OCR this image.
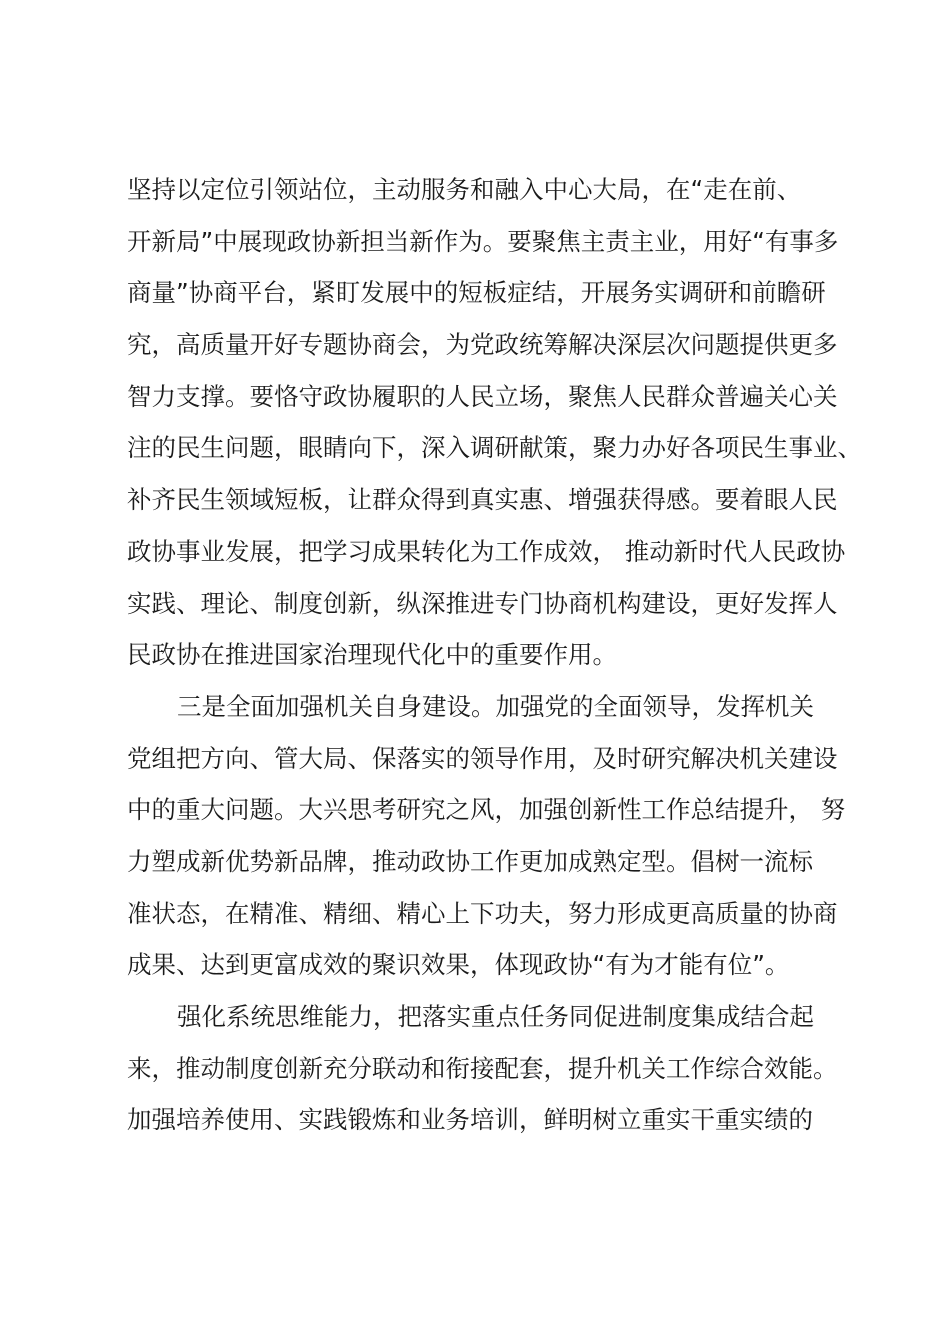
坚持以定位引领站位，主动服务和融入中心大局，在“走在前、
开新局”中展现政协新担当新作为。要聚焦主责主业，用好“有事多
商量”协商平台，紧盯发展中的短板症结，开展务实调研和前瞻研
究，高质量开好专题协商会，为党政统筹解决深层次问题提供更多
智力支撑。要恪守政协履职的人民立场，聚焦人民群众普遍关心关
注的民生问题，眼睛向下，深入调研献策，聚力办好各项民生事业、
补齐民生领域短板，让群众得到真实惠、增强获得感。要着眼人民
政协事业发展，把学习成果转化为工作成效， 推动新时代人民政协
实践、理论、制度创新，纵深推进专门协商机构建设，更好发挥人
民政协在推进国家治理现代化中的重要作用。
三是全面加强机关自身建设。加强党的全面领导，发挥机关
党组把方向、管大局、保落实的领导作用，及时研究解决机关建设
中的重大问题。大兴思考研究之风，加强创新性工作总结提升， 努
力塑成新优势新品牌，推动政协工作更加成熟定型。倡树一流标
准状态，在精准、精细、精心上下功夫，努力形成更高质量的协商
成果、达到更富成效的聚识效果，体现政协“有为才能有位”。
强化系统思维能力，把落实重点任务同促进制度集成结合起
来，推动制度创新充分联动和衔接配套，提升机关工作综合效能。
加强培养使用、实践锻炼和业务培训，鲜明树立重实干重实绩的
